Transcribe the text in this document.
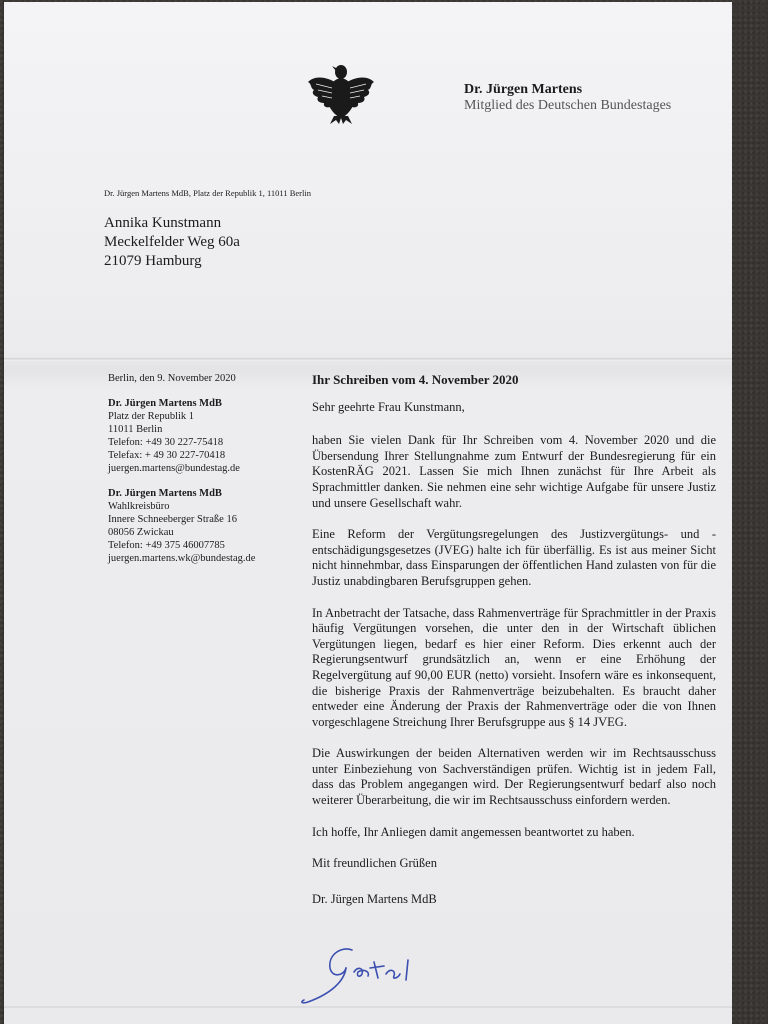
Dr. Jürgen Martens
Mitglied des Deutschen Bundestages
Dr. Jürgen Martens MdB, Platz der Republik 1, 11011 Berlin
Annika Kunstmann
Meckelfelder Weg 60a
21079 Hamburg
Berlin, den 9. November 2020
Dr. Jürgen Martens MdB
Platz der Republik 1
11011 Berlin
Telefon: +49 30 227-75418
Telefax: + 49 30 227-70418
juergen.martens@bundestag.de
Dr. Jürgen Martens MdB
Wahlkreisbüro
Innere Schneeberger Straße 16
08056 Zwickau
Telefon: +49 375 46007785
juergen.martens.wk@bundestag.de
Ihr Schreiben vom 4. November 2020
Sehr geehrte Frau Kunstmann,

haben Sie vielen Dank für Ihr Schreiben vom 4. November 2020 und die Übersendung Ihrer Stellungnahme zum Entwurf der Bundesregierung für ein KostenRÄG 2021. Lassen Sie mich Ihnen zunächst für Ihre Arbeit als Sprachmittler danken. Sie nehmen eine sehr wichtige Aufgabe für unsere Justiz und unsere Gesellschaft wahr.

Eine Reform der Vergütungsregelungen des Justizvergütungs- und -entschädigungsgesetzes (JVEG) halte ich für überfällig. Es ist aus meiner Sicht nicht hinnehmbar, dass Einsparungen der öffentlichen Hand zulasten von für die Justiz unabdingbaren Berufsgruppen gehen.

In Anbetracht der Tatsache, dass Rahmenverträge für Sprachmittler in der Praxis häufig Vergütungen vorsehen, die unter den in der Wirtschaft üblichen Vergütungen liegen, bedarf es hier einer Reform. Dies erkennt auch der Regierungsentwurf grundsätzlich an, wenn er eine Erhöhung der Regelvergütung auf 90,00 EUR (netto) vorsieht. Insofern wäre es inkonsequent, die bisherige Praxis der Rahmenverträge beizubehalten. Es braucht daher entweder eine Änderung der Praxis der Rahmenverträge oder die von Ihnen vorgeschlagene Streichung Ihrer Berufsgruppe aus § 14 JVEG.

Die Auswirkungen der beiden Alternativen werden wir im Rechtsausschuss unter Einbeziehung von Sachverständigen prüfen. Wichtig ist in jedem Fall, dass das Problem angegangen wird. Der Regierungsentwurf bedarf also noch weiterer Überarbeitung, die wir im Rechtsausschuss einfordern werden.

Ich hoffe, Ihr Anliegen damit angemessen beantwortet zu haben.

Mit freundlichen Grüßen
Dr. Jürgen Martens MdB
